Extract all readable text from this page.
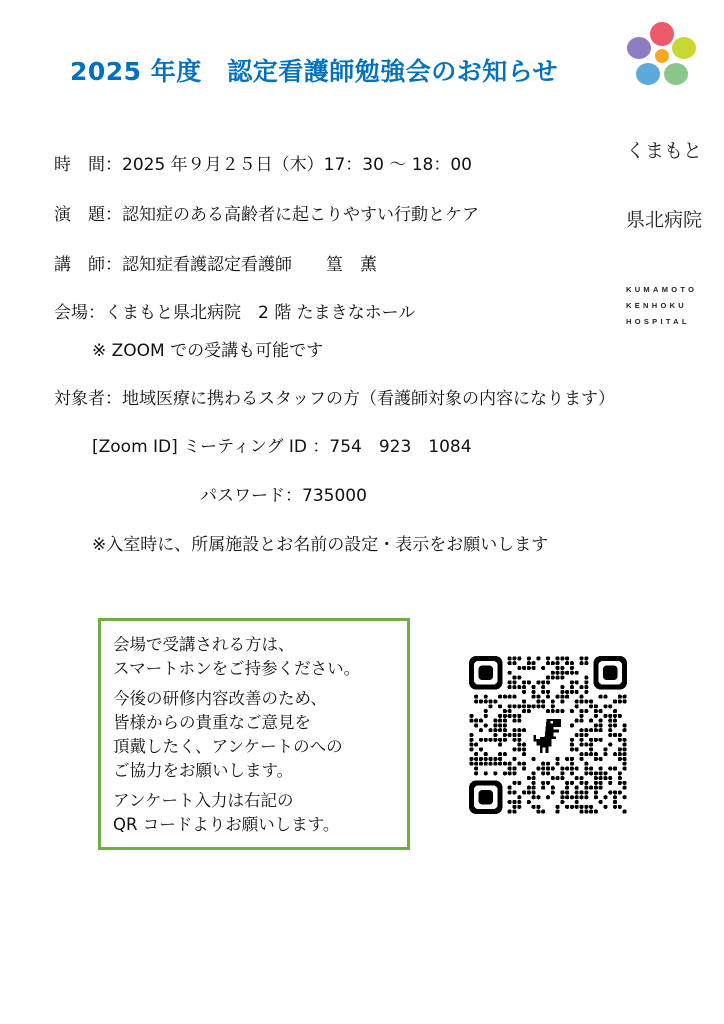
2025 年度　認定看護師勉強会のお知らせ

くまもと

県北病院

KUMAMOTO
KENHOKU
HOSPITAL
時　間：2025 年９月２５日（木）17：30 〜 18：00
演　題：認知症のある高齢者に起こりやすい行動とケア
講　師：認知症看護認定看護師　　篁　薫
会場：くまもと県北病院　2 階 たまきなホール
※ ZOOM での受講も可能です
対象者：地域医療に携わるスタッフの方（看護師対象の内容になります）
[Zoom ID] ミーティング ID ：754　923　1084
パスワード：735000
※入室時に、所属施設とお名前の設定・表示をお願いします

会場で受講される方は、
スマートホンをご持参ください。

今後の研修内容改善のため、
皆様からの貴重なご意見を
頂戴したく、アンケートのへの
ご協力をお願いします。

アンケート入力は右記の
QR コードよりお願いします。
